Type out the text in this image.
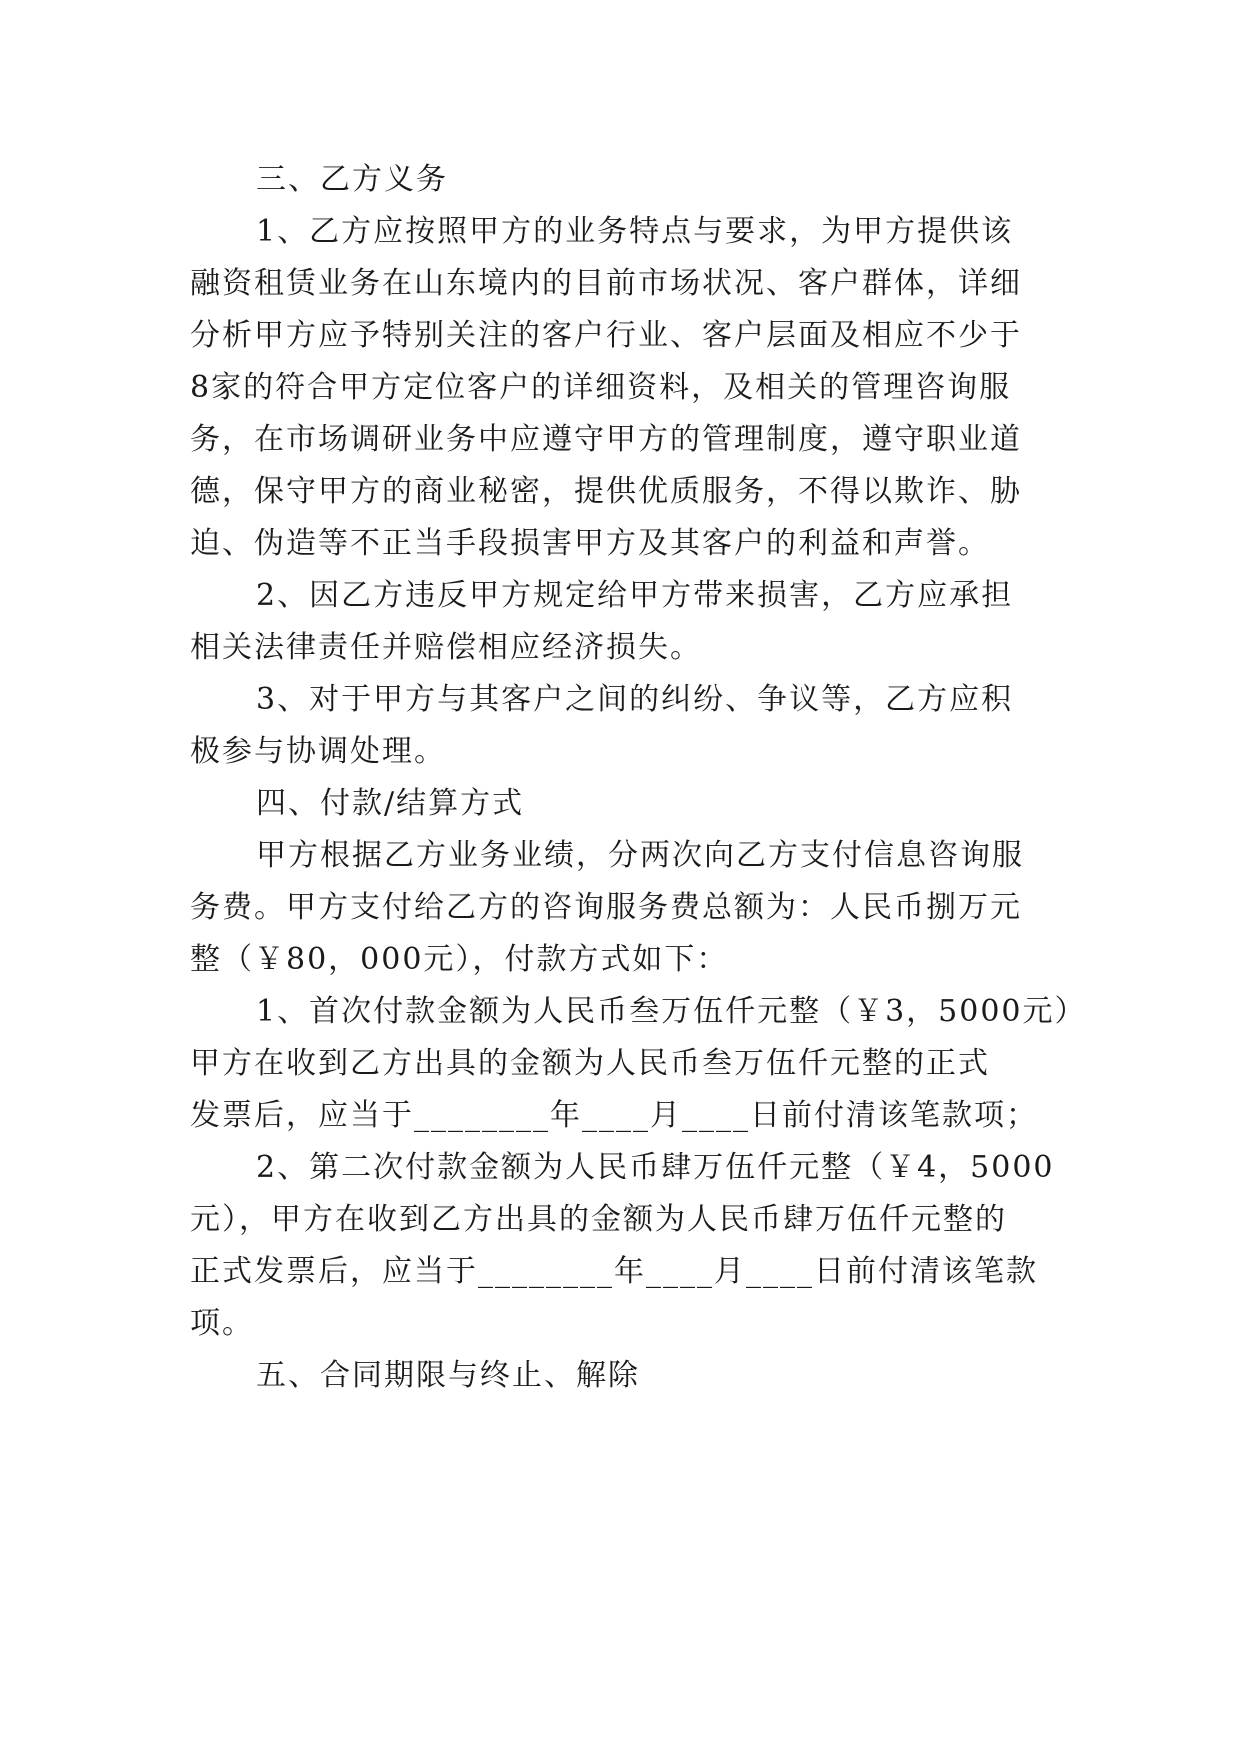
三、乙方义务
1、乙方应按照甲方的业务特点与要求，为甲方提供该
融资租赁业务在山东境内的目前市场状况、客户群体，详细
分析甲方应予特别关注的客户行业、客户层面及相应不少于
8家的符合甲方定位客户的详细资料，及相关的管理咨询服
务，在市场调研业务中应遵守甲方的管理制度，遵守职业道
德，保守甲方的商业秘密，提供优质服务，不得以欺诈、胁
迫、伪造等不正当手段损害甲方及其客户的利益和声誉。
2、因乙方违反甲方规定给甲方带来损害，乙方应承担
相关法律责任并赔偿相应经济损失。
3、对于甲方与其客户之间的纠纷、争议等，乙方应积
极参与协调处理。
四、付款/结算方式
甲方根据乙方业务业绩，分两次向乙方支付信息咨询服
务费。甲方支付给乙方的咨询服务费总额为：人民币捌万元
整（￥80，000元），付款方式如下：
1、首次付款金额为人民币叁万伍仟元整（￥3，5000元）
甲方在收到乙方出具的金额为人民币叁万伍仟元整的正式
发票后，应当于________年____月____日前付清该笔款项；
2、第二次付款金额为人民币肆万伍仟元整（￥4，5000
元），甲方在收到乙方出具的金额为人民币肆万伍仟元整的
正式发票后，应当于________年____月____日前付清该笔款
项。
五、合同期限与终止、解除
